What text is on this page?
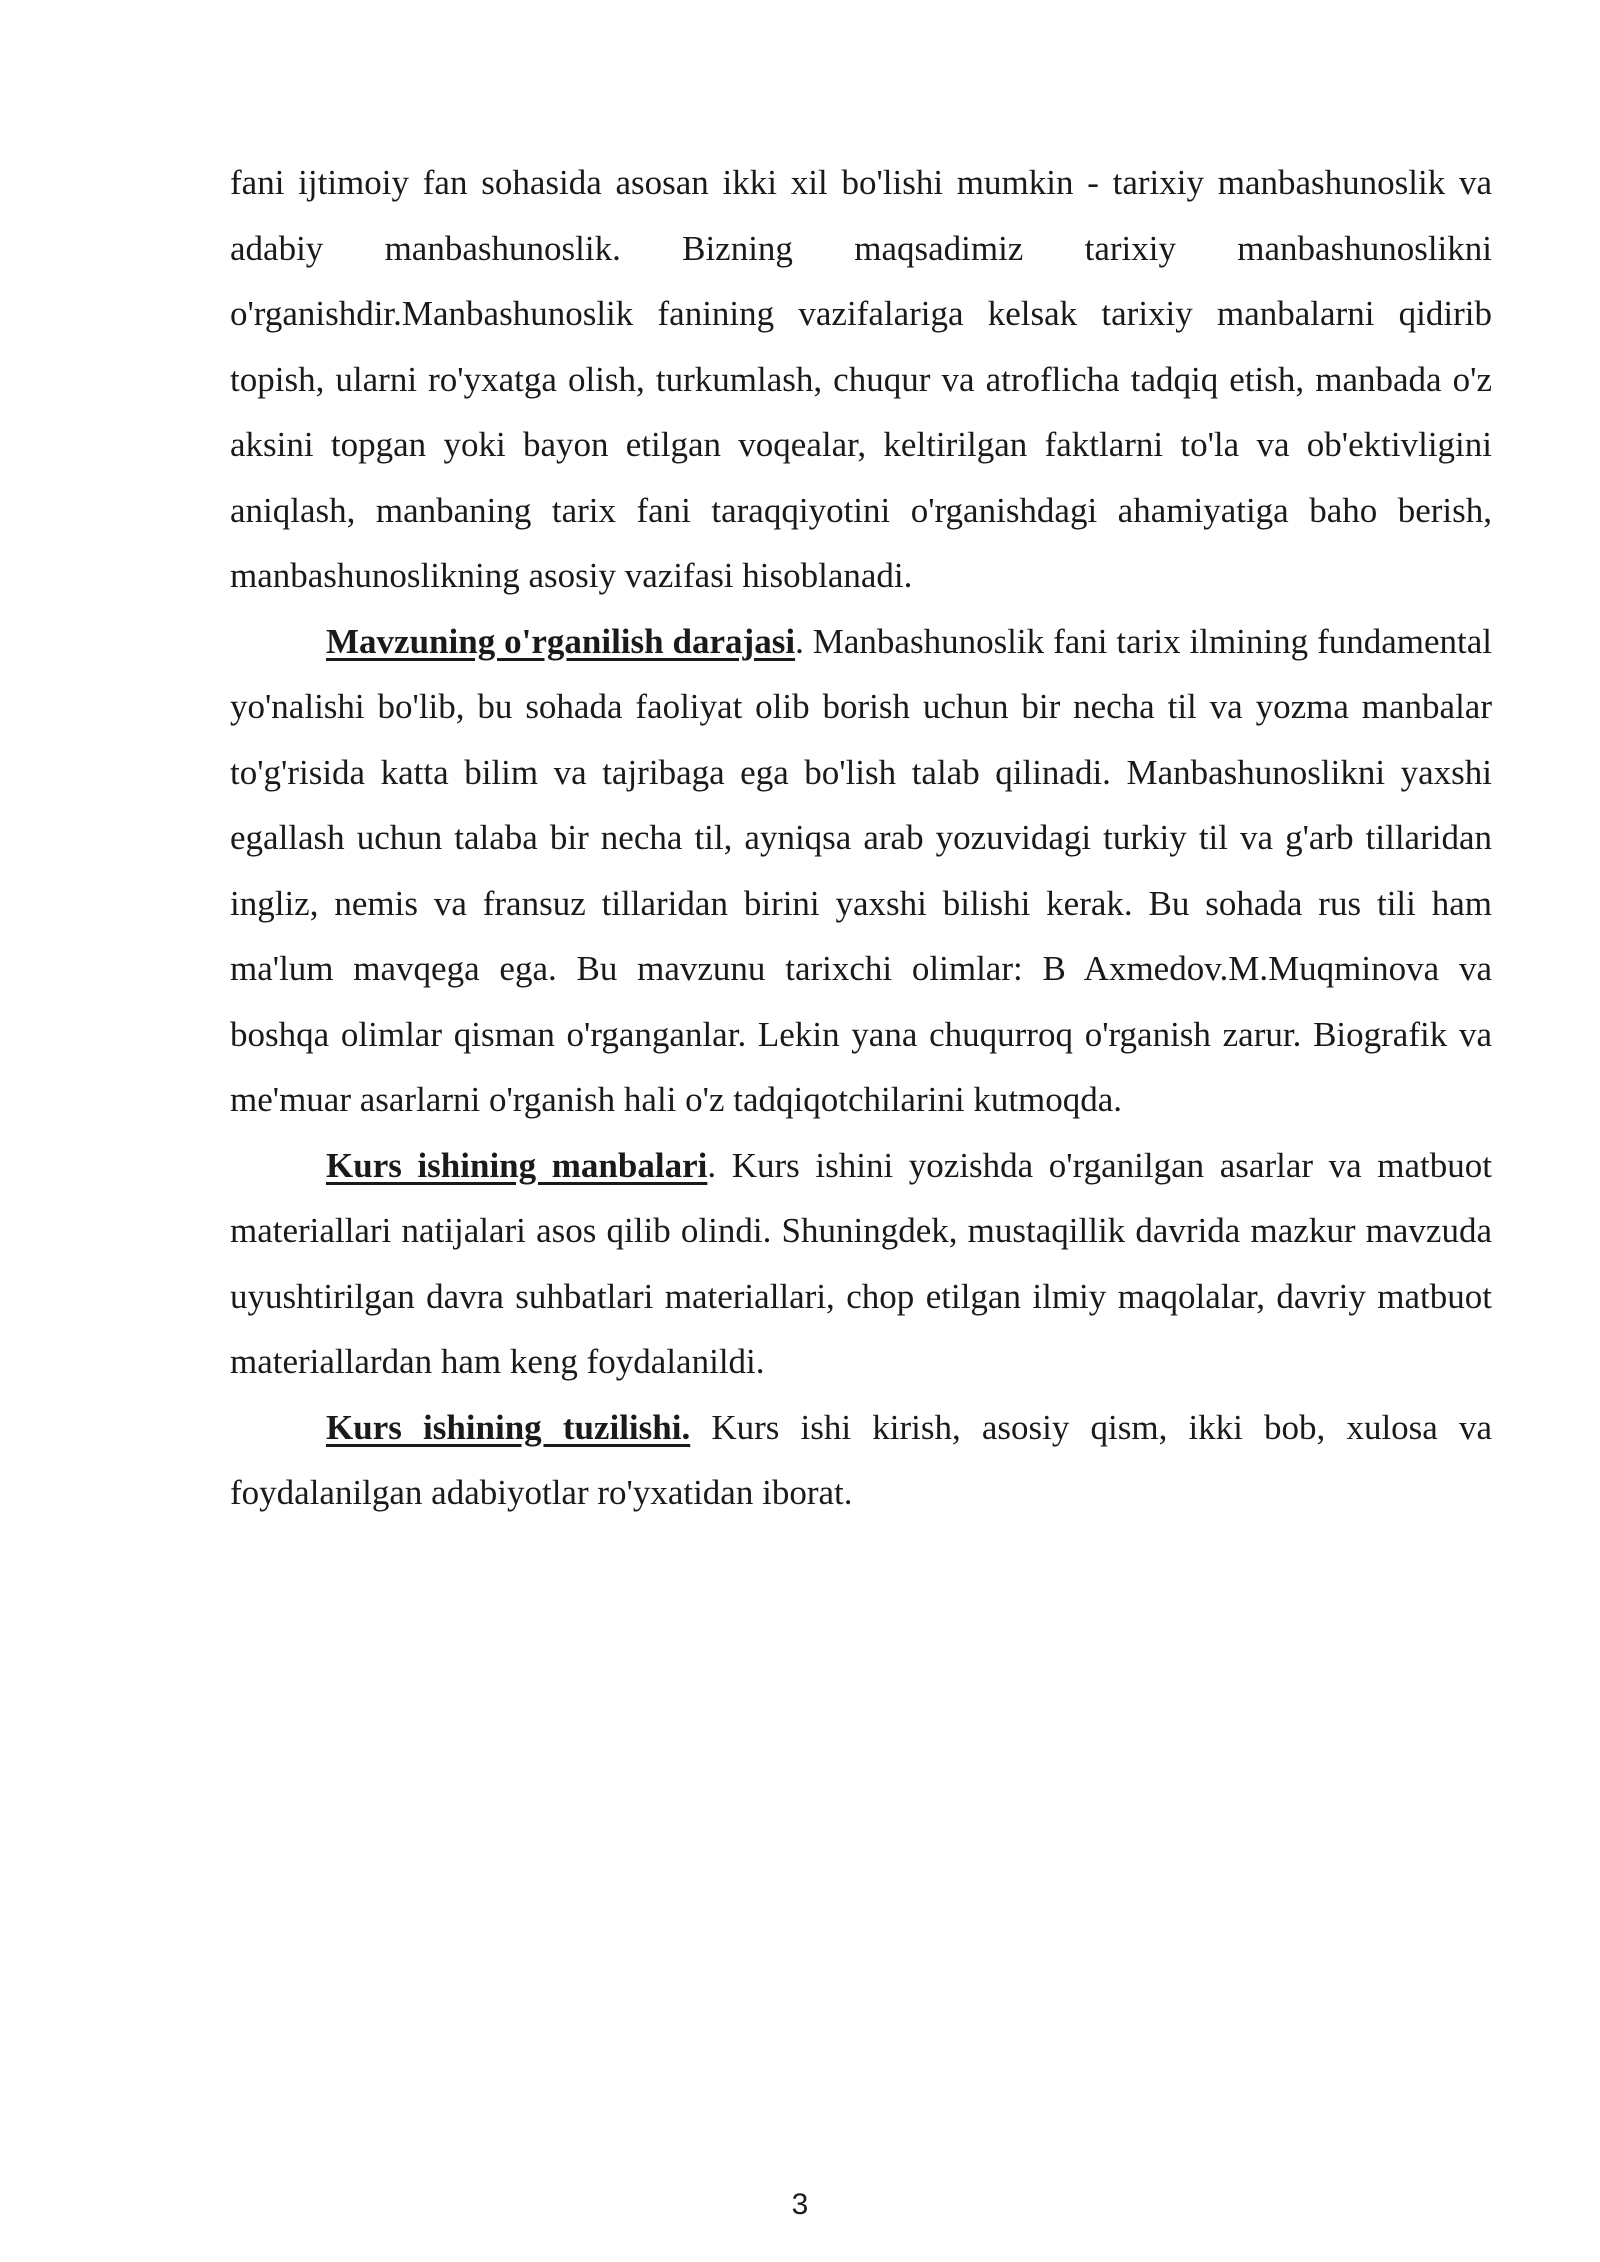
fani ijtimoiy fan sohasida asosan ikki xil bo'lishi mumkin - tarixiy manbashunoslik va adabiy manbashunoslik. Bizning maqsadimiz tarixiy manbashunoslikni o'rganishdir.Manbashunoslik fanining vazifalariga kelsak tarixiy manbalarni qidirib topish, ularni ro'yxatga olish, turkumlash, chuqur va atroflicha tadqiq etish, manbada o'z aksini topgan yoki bayon etilgan voqealar, keltirilgan faktlarni to'la va ob'ektivligini aniqlash, manbaning tarix fani taraqqiyotini o'rganishdagi ahamiyatiga baho berish, manbashunoslikning asosiy vazifasi hisoblanadi.

Mavzuning o'rganilish darajasi. Manbashunoslik fani tarix ilmining fundamental yo'nalishi bo'lib, bu sohada faoliyat olib borish uchun bir necha til va yozma manbalar to'g'risida katta bilim va tajribaga ega bo'lish talab qilinadi. Manbashunoslikni yaxshi egallash uchun talaba bir necha til, ayniqsa arab yozuvidagi turkiy til va g'arb tillaridan ingliz, nemis va fransuz tillaridan birini yaxshi bilishi kerak. Bu sohada rus tili ham ma'lum mavqega ega. Bu mavzunu tarixchi olimlar: B Axmedov.M.Muqminova va boshqa olimlar qisman o'rganganlar. Lekin yana chuqurroq o'rganish zarur. Biografik va me'muar asarlarni o'rganish hali o'z tadqiqotchilarini kutmoqda.

Kurs ishining manbalari. Kurs ishini yozishda o'rganilgan asarlar va matbuot materiallari natijalari asos qilib olindi. Shuningdek, mustaqillik davrida mazkur mavzuda uyushtirilgan davra suhbatlari materiallari, chop etilgan ilmiy maqolalar, davriy matbuot materiallardan ham keng foydalanildi.

Kurs ishining tuzilishi. Kurs ishi kirish, asosiy qism, ikki bob, xulosa va foydalanilgan adabiyotlar ro'yxatidan iborat.

3
